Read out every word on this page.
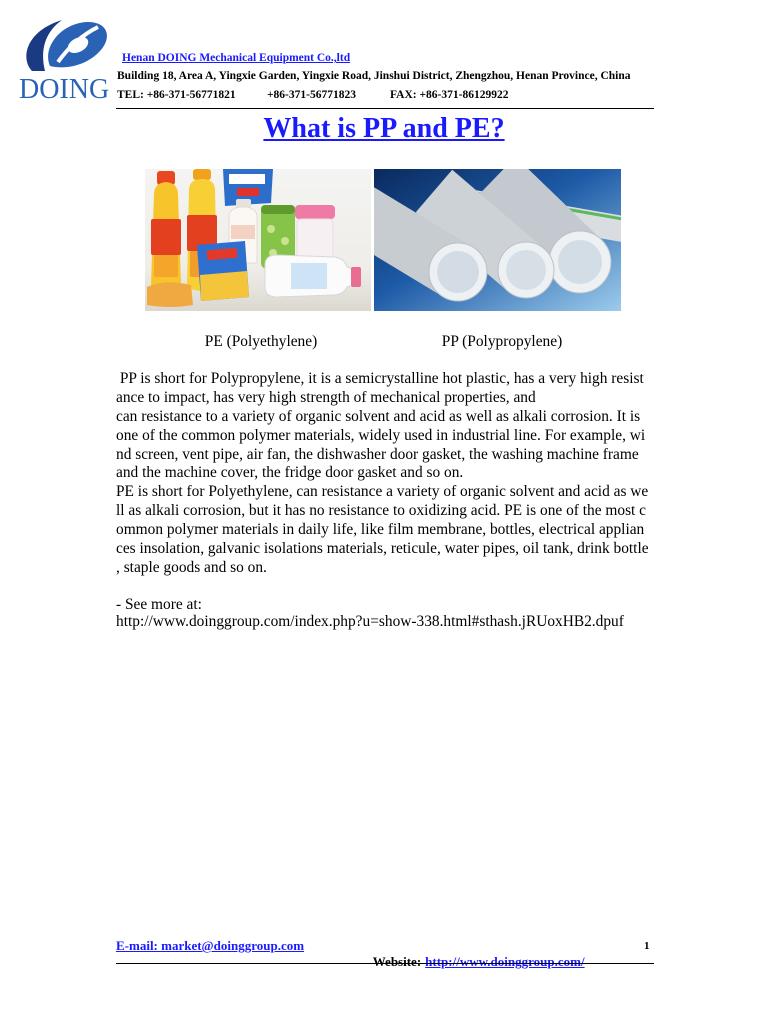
DOING
Henan DOING Mechanical Equipment Co.,ltd
Building 18, Area A, Yingxie Garden, Yingxie Road, Jinshui District, Zhengzhou, Henan Province, China
TEL: +86-371-56771821	+86-371-56771823	FAX: +86-371-86129922
What is PP and PE?
PE (Polyethylene)	PP (Polypropylene)
PP is short for Polypropylene, it is a semicrystalline hot plastic, has a very high resist
ance to impact, has very high strength of mechanical properties, and
can resistance to a variety of organic solvent and acid as well as alkali corrosion. It is
one of the common polymer materials, widely used in industrial line. For example, wi
nd screen, vent pipe, air fan, the dishwasher door gasket, the washing machine frame
and the machine cover, the fridge door gasket and so on.
PE is short for Polyethylene, can resistance a variety of organic solvent and acid as we
ll as alkali corrosion, but it has no resistance to oxidizing acid. PE is one of the most c
ommon polymer materials in daily life, like film membrane, bottles, electrical applian
ces insolation, galvanic isolations materials, reticule, water pipes, oil tank, drink bottle
, staple goods and so on.
- See more at:
http://www.doinggroup.com/index.php?u=show-338.html#sthash.jRUoxHB2.dpuf
E-mail: market@doinggroup.com

Website: http://www.doinggroup.com/

1
